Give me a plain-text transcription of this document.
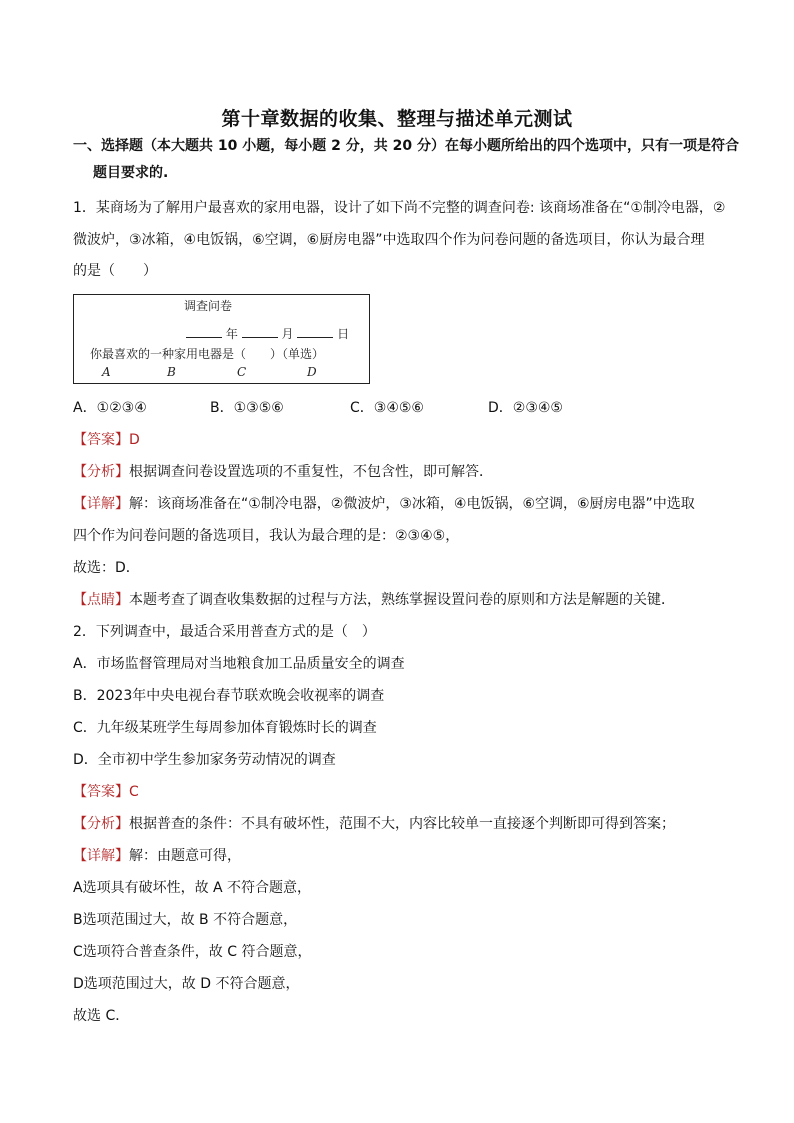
第十章数据的收集、整理与描述单元测试
一、选择题（本大题共 10 小题，每小题 2 分，共 20 分）在每小题所给出的四个选项中，只有一项是符合
题目要求的.
1．某商场为了解用户最喜欢的家用电器，设计了如下尚不完整的调查问卷: 该商场准备在“①制冷电器，②
微波炉，③冰箱，④电饭锅，⑥空调，⑥厨房电器”中选取四个作为问卷问题的备选项目，你认为最合理
的是（　　）
调查问卷
年	月	日
你最喜欢的一种家用电器是（　　）（单选）
A	B	C	D
A．①②③④	B．①③⑤⑥	C．③④⑤⑥	D．②③④⑤
【答案】D
【分析】根据调查问卷设置选项的不重复性，不包含性，即可解答．
【详解】解：该商场准备在“①制冷电器，②微波炉，③冰箱，④电饭锅，⑥空调，⑥厨房电器”中选取
四个作为问卷问题的备选项目，我认为最合理的是：②③④⑤，
故选：D．
【点睛】本题考查了调查收集数据的过程与方法，熟练掌握设置问卷的原则和方法是解题的关键．
2．下列调查中，最适合采用普查方式的是（　）
A．市场监督管理局对当地粮食加工品质量安全的调查
B．2023年中央电视台春节联欢晚会收视率的调查
C．九年级某班学生每周参加体育锻炼时长的调查
D．全市初中学生参加家务劳动情况的调查
【答案】C
【分析】根据普查的条件：不具有破坏性，范围不大，内容比较单一直接逐个判断即可得到答案；
【详解】解：由题意可得，
A选项具有破坏性，故 A 不符合题意，
B选项范围过大，故 B 不符合题意，
C选项符合普查条件，故 C 符合题意，
D选项范围过大，故 D 不符合题意，
故选 C．
